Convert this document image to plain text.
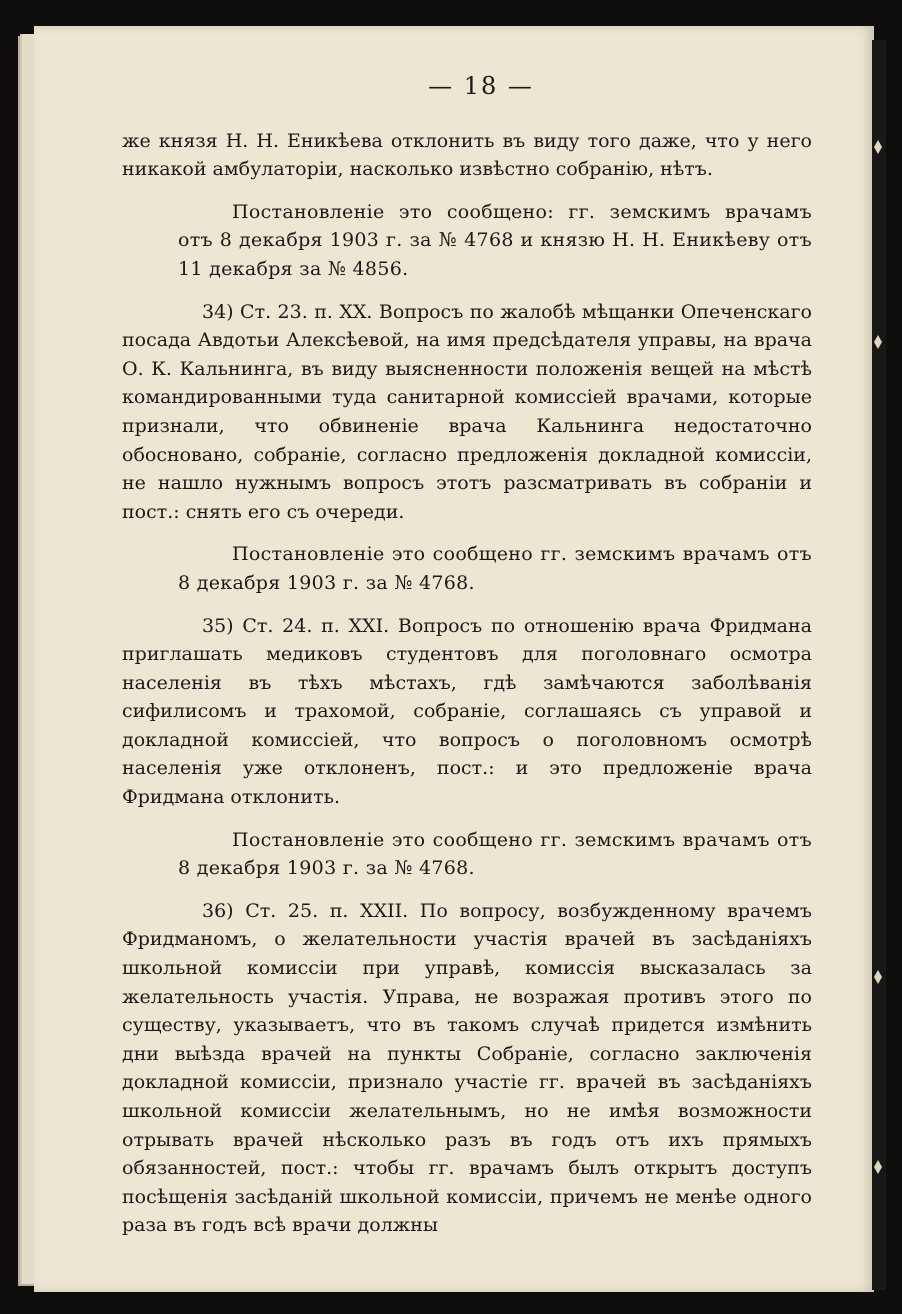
— 18 —

же князя Н. Н. Еникѣева отклонить въ виду того даже, что у него никакой амбулаторіи, насколько извѣстно собранію, нѣтъ.

Постановленіе это сообщено: гг. земскимъ врачамъ отъ 8 декабря 1903 г. за № 4768 и князю Н. Н. Еникѣеву отъ 11 декабря за № 4856.

34) Ст. 23. п. XX. Вопросъ по жалобѣ мѣщанки Опеченскаго посада Авдотьи Алексѣевой, на имя предсѣдателя управы, на врача О. К. Кальнинга, въ виду выясненности положенія вещей на мѣстѣ командированными туда санитарной комиссіей врачами, которые признали, что обвиненіе врача Кальнинга недостаточно обосновано, собраніе, согласно предложенія докладной комиссіи, не нашло нужнымъ вопросъ этотъ разсматривать въ собраніи и пост.: снять его съ очереди.

Постановленіе это сообщено гг. земскимъ врачамъ отъ 8 декабря 1903 г. за № 4768.

35) Ст. 24. п. XXI. Вопросъ по отношенію врача Фридмана приглашать медиковъ студентовъ для поголовнаго осмотра населенія въ тѣхъ мѣстахъ, гдѣ замѣчаются заболѣванія сифилисомъ и трахомой, собраніе, соглашаясь съ управой и докладной комиссіей, что вопросъ о поголовномъ осмотрѣ населенія уже отклоненъ, пост.: и это предложеніе врача Фридмана отклонить.

Постановленіе это сообщено гг. земскимъ врачамъ отъ 8 декабря 1903 г. за № 4768.

36) Ст. 25. п. XXII. По вопросу, возбужденному врачемъ Фридманомъ, о желательности участія врачей въ засѣданіяхъ школьной комиссіи при управѣ, комиссія высказалась за желательность участія. Управа, не возражая противъ этого по существу, указываетъ, что въ такомъ случаѣ придется измѣнить дни выѣзда врачей на пункты Собраніе, согласно заключенія докладной комиссіи, признало участіе гг. врачей въ засѣданіяхъ школьной комиссіи желательнымъ, но не имѣя возможности отрывать врачей нѣсколько разъ въ годъ отъ ихъ прямыхъ обязанностей, пост.: чтобы гг. врачамъ былъ открытъ доступъ посѣщенія засѣданій школьной комиссіи, причемъ не менѣе одного раза въ годъ всѣ врачи должны
